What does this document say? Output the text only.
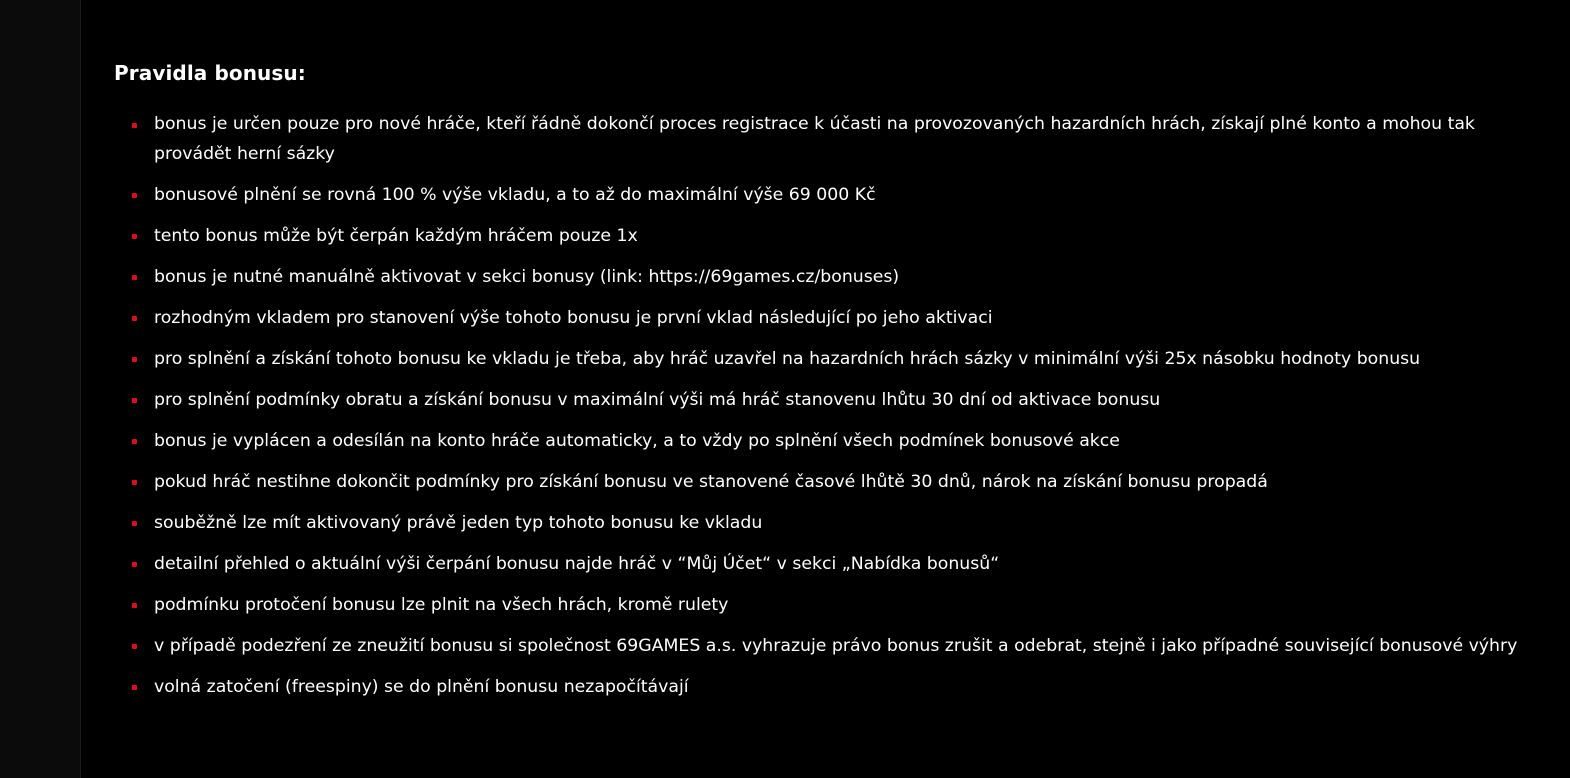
Pravidla bonusu:
bonus je určen pouze pro nové hráče, kteří řádně dokončí proces registrace k účasti na provozovaných hazardních hrách, získají plné konto a mohou tak provádět herní sázky
bonusové plnění se rovná 100 % výše vkladu, a to až do maximální výše 69 000 Kč
tento bonus může být čerpán každým hráčem pouze 1x
bonus je nutné manuálně aktivovat v sekci bonusy (link: https://69games.cz/bonuses)
rozhodným vkladem pro stanovení výše tohoto bonusu je první vklad následující po jeho aktivaci
pro splnění a získání tohoto bonusu ke vkladu je třeba, aby hráč uzavřel na hazardních hrách sázky v minimální výši 25x násobku hodnoty bonusu
pro splnění podmínky obratu a získání bonusu v maximální výši má hráč stanovenu lhůtu 30 dní od aktivace bonusu
bonus je vyplácen a odesílán na konto hráče automaticky, a to vždy po splnění všech podmínek bonusové akce
pokud hráč nestihne dokončit podmínky pro získání bonusu ve stanovené časové lhůtě 30 dnů, nárok na získání bonusu propadá
souběžně lze mít aktivovaný právě jeden typ tohoto bonusu ke vkladu
detailní přehled o aktuální výši čerpání bonusu najde hráč v “Můj Účet“ v sekci „Nabídka bonusů“
podmínku protočení bonusu lze plnit na všech hrách, kromě rulety
v případě podezření ze zneužití bonusu si společnost 69GAMES a.s. vyhrazuje právo bonus zrušit a odebrat, stejně i jako případné související bonusové výhry
volná zatočení (freespiny) se do plnění bonusu nezapočítávají
